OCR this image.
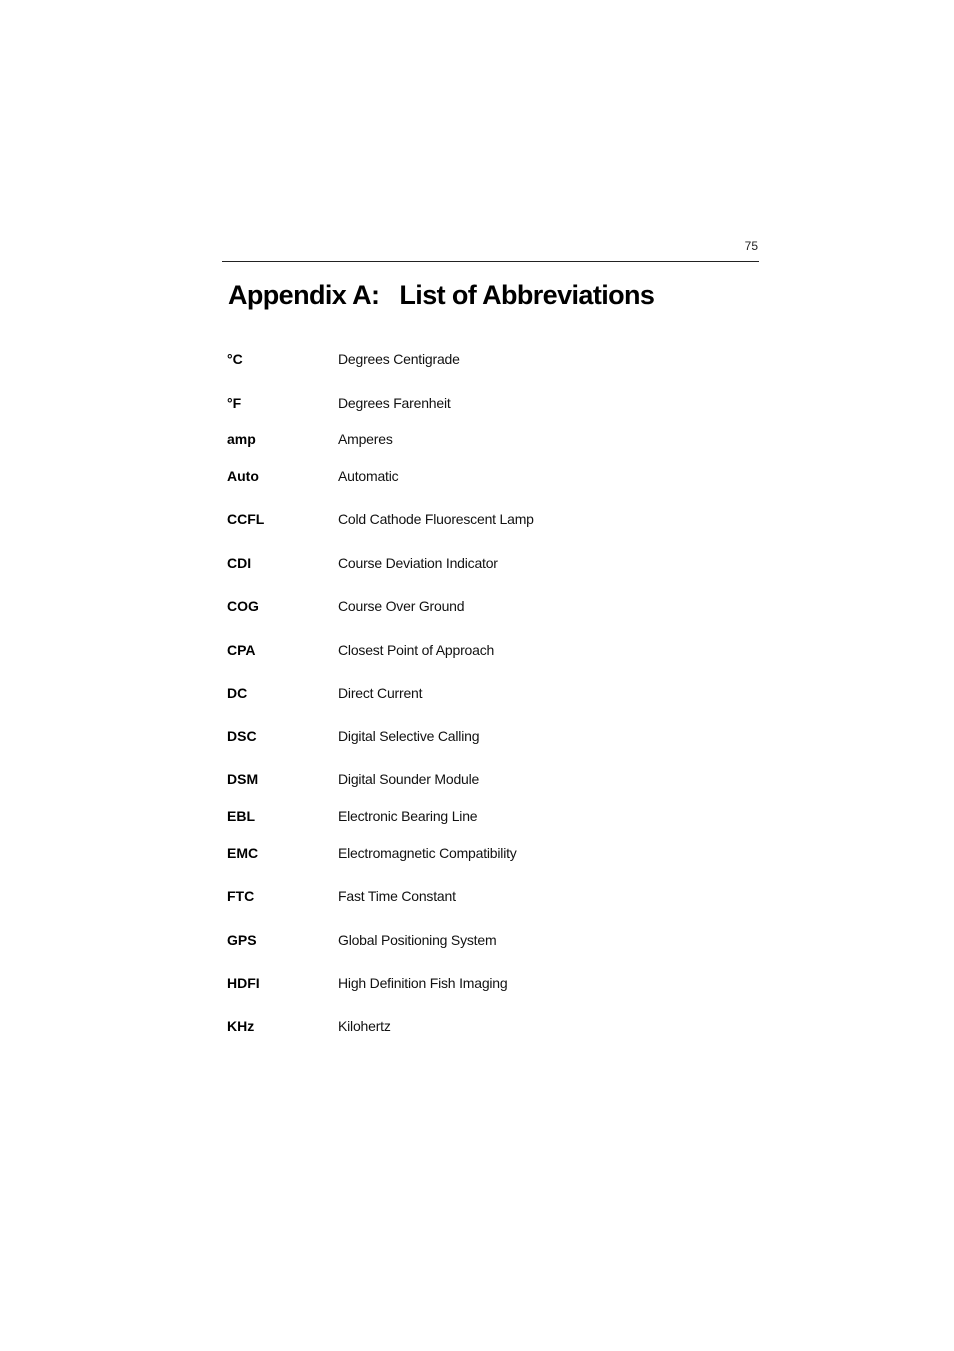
75
Appendix A: List of Abbreviations
°C	Degrees Centigrade
°F	Degrees Farenheit
amp	Amperes
Auto	Automatic
CCFL	Cold Cathode Fluorescent Lamp
CDI	Course Deviation Indicator
COG	Course Over Ground
CPA	Closest Point of Approach
DC	Direct Current
DSC	Digital Selective Calling
DSM	Digital Sounder Module
EBL	Electronic Bearing Line
EMC	Electromagnetic Compatibility
FTC	Fast Time Constant
GPS	Global Positioning System
HDFI	High Definition Fish Imaging
KHz	Kilohertz
